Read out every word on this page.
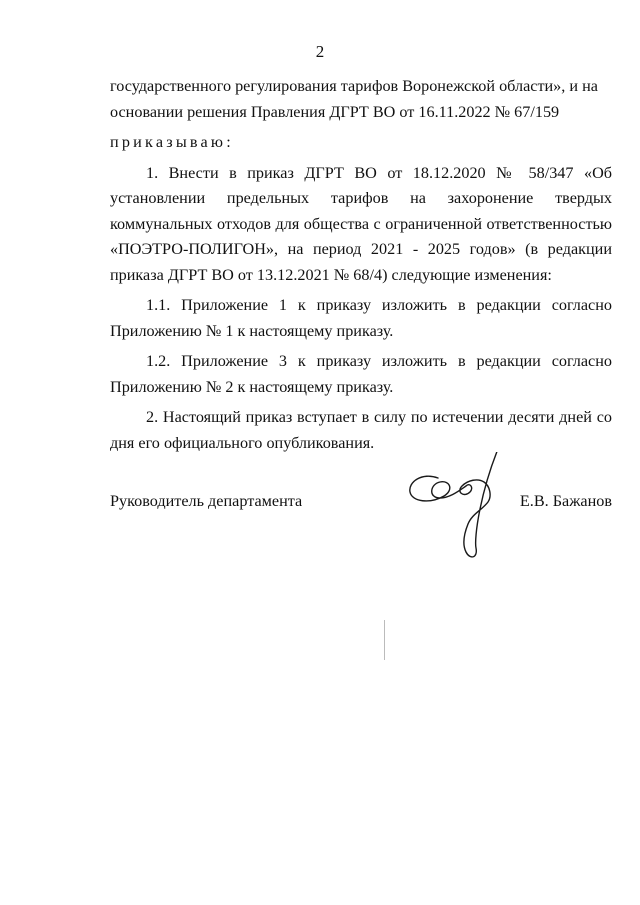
2

государственного регулирования тарифов Воронежской области», и на

основании решения Правления ДГРТ ВО от 16.11.2022 № 67/159

приказываю:

1. Внести в приказ ДГРТ ВО от 18.12.2020 № 58/347 «Об установлении предельных тарифов на захоронение твердых коммунальных отходов для общества с ограниченной ответственностью «ПОЭТРО-ПОЛИГОН», на период 2021 - 2025 годов» (в редакции приказа ДГРТ ВО от 13.12.2021 № 68/4) следующие изменения:

1.1. Приложение 1 к приказу изложить в редакции согласно Приложению № 1 к настоящему приказу.

1.2. Приложение 3 к приказу изложить в редакции согласно Приложению № 2 к настоящему приказу.

2. Настоящий приказ вступает в силу по истечении десяти дней со дня его официального опубликования.

Руководитель департамента	Е.В. Бажанов
